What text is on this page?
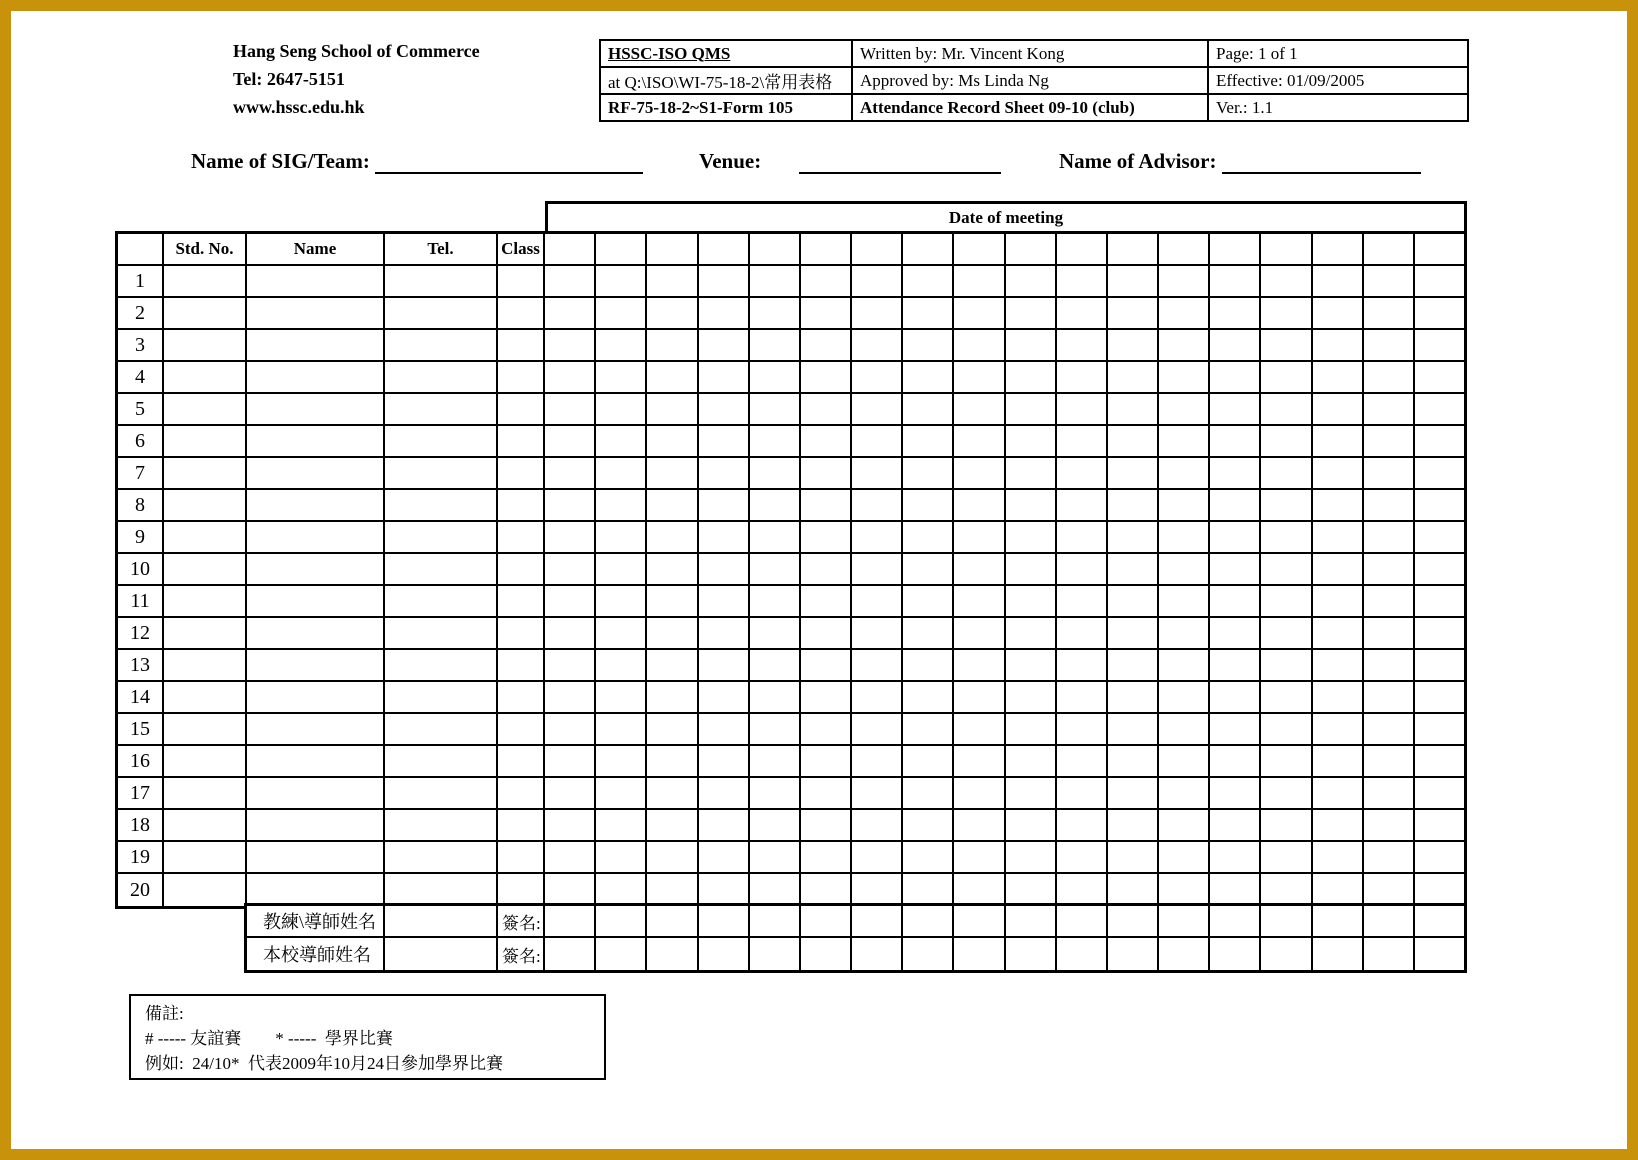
Hang Seng School of Commerce
Tel: 2647-5151
www.hssc.edu.hk
HSSC-ISO QMS	Written by: Mr. Vincent Kong	Page: 1 of 1
at Q:\ISO\WI-75-18-2\常用表格	Approved by: Ms Linda Ng	Effective: 01/09/2005
RF-75-18-2~S1-Form 105	Attendance Record Sheet 09-10 (club)	Ver.: 1.1
Name of SIG/Team:	Venue:	Name of Advisor:
Date of meeting
Std. No.	Name	Tel.	Class
1
2
3
4
5
6
7
8
9
10
11
12
13
14
15
16
17
18
19
20
教練\導師姓名	簽名:
本校導師姓名	簽名:
備註:
# ----- 友誼賽        * -----  學界比賽
例如:  24/10*  代表2009年10月24日參加學界比賽
